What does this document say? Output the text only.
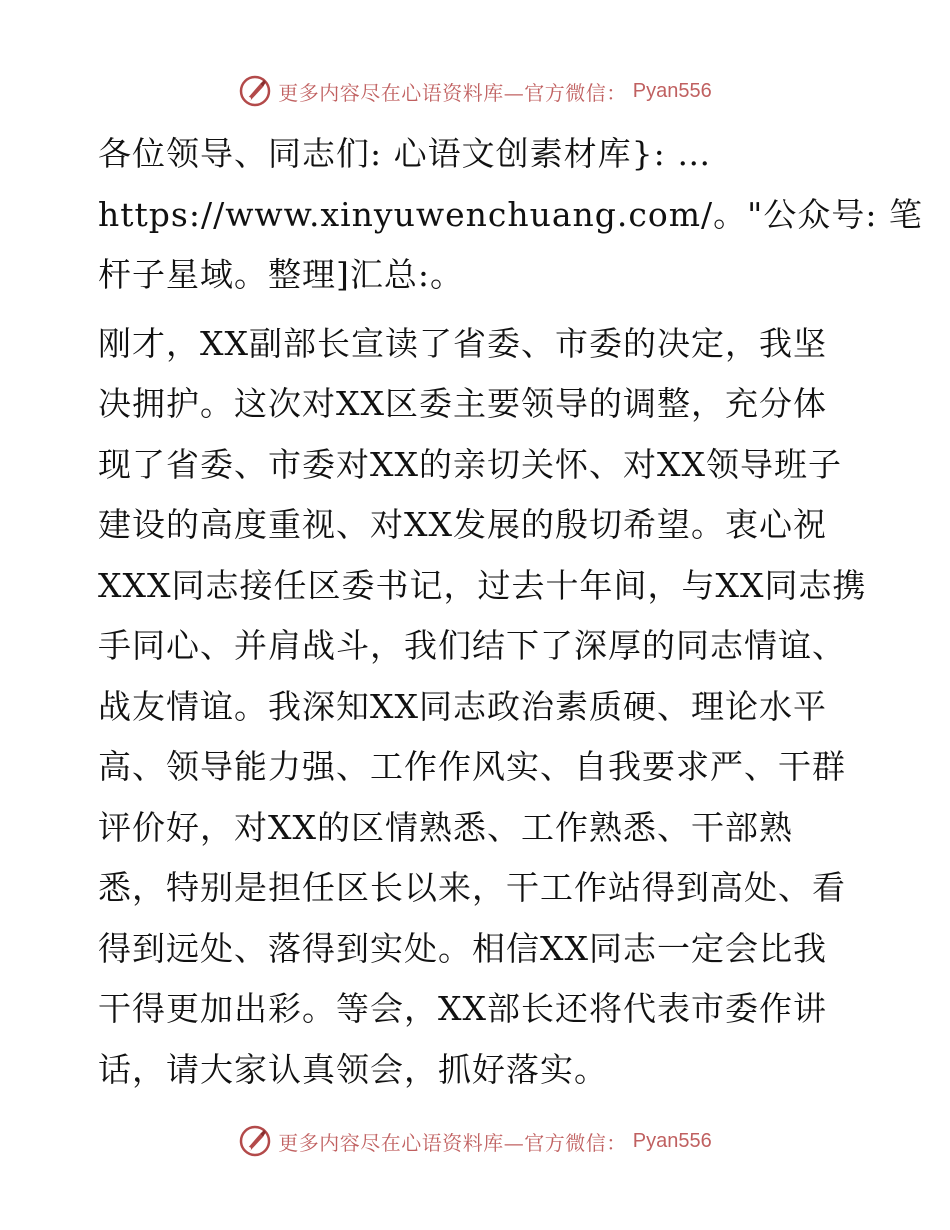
更多内容尽在心语资料库—官方微信： Pyan556

各位领导、同志们: 心语文创素材库}: …
https://www.xinyuwenchuang.com/。"公众号: 笔
杆子星域。整理]汇总:。

刚才，XX副部长宣读了省委、市委的决定，我坚
决拥护。这次对XX区委主要领导的调整，充分体
现了省委、市委对XX的亲切关怀、对XX领导班子
建设的高度重视、对XX发展的殷切希望。衷心祝
XXX同志接任区委书记，过去十年间，与XX同志携
手同心、并肩战斗，我们结下了深厚的同志情谊、
战友情谊。我深知XX同志政治素质硬、理论水平
高、领导能力强、工作作风实、自我要求严、干群
评价好，对XX的区情熟悉、工作熟悉、干部熟
悉，特别是担任区长以来，干工作站得到高处、看
得到远处、落得到实处。相信XX同志一定会比我
干得更加出彩。等会，XX部长还将代表市委作讲
话，请大家认真领会，抓好落实。

更多内容尽在心语资料库—官方微信： Pyan556
